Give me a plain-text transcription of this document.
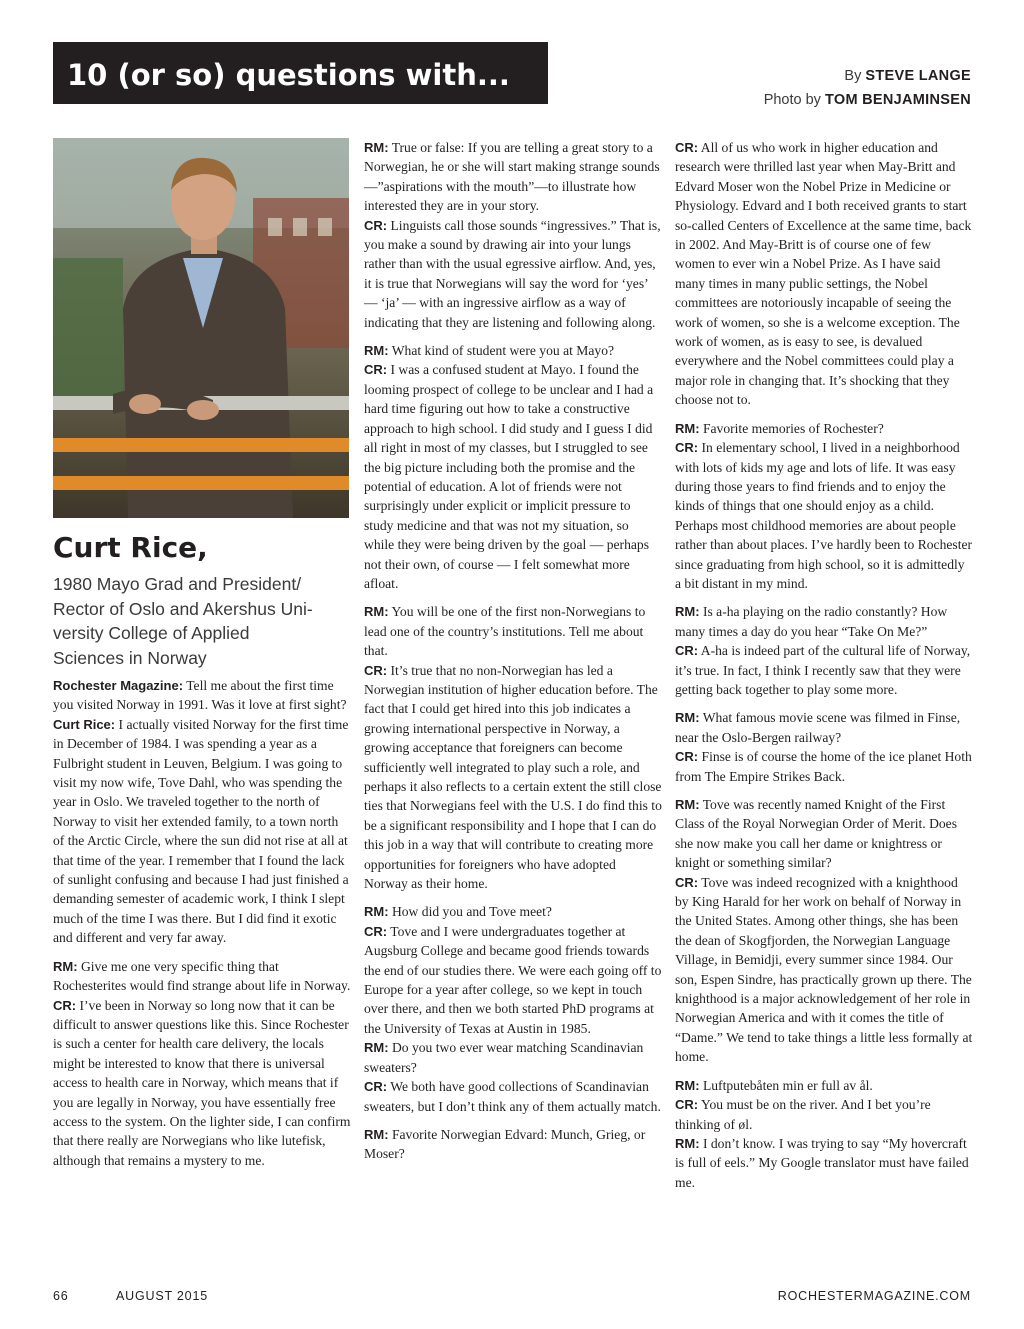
10 (or so) questions with...	By STEVE LANGE
Photo by TOM BENJAMINSEN
Curt Rice,
1980 Mayo Grad and President/
Rector of Oslo and Akershus Uni-
versity College of Applied
Sciences in Norway

Rochester Magazine: Tell me about the first time you visited Norway in 1991. Was it love at first sight?

Curt Rice: I actually visited Norway for the first time in December of 1984. I was spending a year as a Fulbright student in Leuven, Belgium. I was going to visit my now wife, Tove Dahl, who was spending the year in Oslo. We traveled together to the north of Norway to visit her extended family, to a town north of the Arctic Circle, where the sun did not rise at all at that time of the year. I remember that I found the lack of sunlight confusing and because I had just finished a demanding semester of academic work, I think I slept much of the time I was there. But I did find it exotic and different and very far away.

RM: Give me one very specific thing that Rochesterites would find strange about life in Norway.

CR: I’ve been in Norway so long now that it can be difficult to answer questions like this. Since Rochester is such a center for health care delivery, the locals might be interested to know that there is universal access to health care in Norway, which means that if you are legally in Norway, you have essentially free access to the system. On the lighter side, I can confirm that there really are Norwegians who like lutefisk, although that remains a mystery to me.

RM: True or false: If you are telling a great story to a Norwegian, he or she will start making strange sounds—”aspirations with the mouth”—to illustrate how interested they are in your story.

CR: Linguists call those sounds “ingressives.” That is, you make a sound by drawing air into your lungs rather than with the usual egressive airflow. And, yes, it is true that Norwegians will say the word for ‘yes’ — ‘ja’ — with an ingressive airflow as a way of indicating that they are listening and following along.

RM: What kind of student were you at Mayo?

CR: I was a confused student at Mayo. I found the looming prospect of college to be unclear and I had a hard time figuring out how to take a constructive approach to high school. I did study and I guess I did all right in most of my classes, but I struggled to see the big picture including both the promise and the potential of education. A lot of friends were not surprisingly under explicit or implicit pressure to study medicine and that was not my situation, so while they were being driven by the goal — perhaps not their own, of course — I felt somewhat more afloat.

RM: You will be one of the first non-Norwegians to lead one of the country’s institutions. Tell me about that.

CR: It’s true that no non-Norwegian has led a Norwegian institution of higher education before. The fact that I could get hired into this job indicates a growing international perspective in Norway, a growing acceptance that foreigners can become sufficiently well integrated to play such a role, and perhaps it also reflects to a certain extent the still close ties that Norwegians feel with the U.S. I do find this to be a significant responsibility and I hope that I can do this job in a way that will contribute to creating more opportunities for foreigners who have adopted Norway as their home.

RM: How did you and Tove meet?

CR: Tove and I were undergraduates together at Augsburg College and became good friends towards the end of our studies there. We were each going off to Europe for a year after college, so we kept in touch over there, and then we both started PhD programs at the University of Texas at Austin in 1985.

RM: Do you two ever wear matching Scandinavian sweaters?

CR: We both have good collections of Scandinavian sweaters, but I don’t think any of them actually match.

RM: Favorite Norwegian Edvard: Munch, Grieg, or Moser?

CR: All of us who work in higher education and research were thrilled last year when May-Britt and Edvard Moser won the Nobel Prize in Medicine or Physiology. Edvard and I both received grants to start so-called Centers of Excellence at the same time, back in 2002. And May-Britt is of course one of few women to ever win a Nobel Prize. As I have said many times in many public settings, the Nobel committees are notoriously incapable of seeing the work of women, so she is a welcome exception. The work of women, as is easy to see, is devalued everywhere and the Nobel committees could play a major role in changing that. It’s shocking that they choose not to.

RM: Favorite memories of Rochester?

CR: In elementary school, I lived in a neighborhood with lots of kids my age and lots of life. It was easy during those years to find friends and to enjoy the kinds of things that one should enjoy as a child. Perhaps most childhood memories are about people rather than about places. I’ve hardly been to Rochester since graduating from high school, so it is admittedly a bit distant in my mind.

RM: Is a-ha playing on the radio constantly? How many times a day do you hear “Take On Me?”

CR: A-ha is indeed part of the cultural life of Norway, it’s true. In fact, I think I recently saw that they were getting back together to play some more.

RM: What famous movie scene was filmed in Finse, near the Oslo-Bergen railway?

CR: Finse is of course the home of the ice planet Hoth from The Empire Strikes Back.

RM: Tove was recently named Knight of the First Class of the Royal Norwegian Order of Merit. Does she now make you call her dame or knightress or knight or something similar?

CR: Tove was indeed recognized with a knighthood by King Harald for her work on behalf of Norway in the United States. Among other things, she has been the dean of Skogfjorden, the Norwegian Language Village, in Bemidji, every summer since 1984. Our son, Espen Sindre, has practically grown up there. The knighthood is a major acknowledgement of her role in Norwegian America and with it comes the title of “Dame.” We tend to take things a little less formally at home.

RM: Luftputebåten min er full av ål.

CR: You must be on the river. And I bet you’re thinking of øl.

RM: I don’t know. I was trying to say “My hovercraft is full of eels.” My Google translator must have failed me.

66	AUGUST 2015	ROCHESTERMAGAZINE.COM
